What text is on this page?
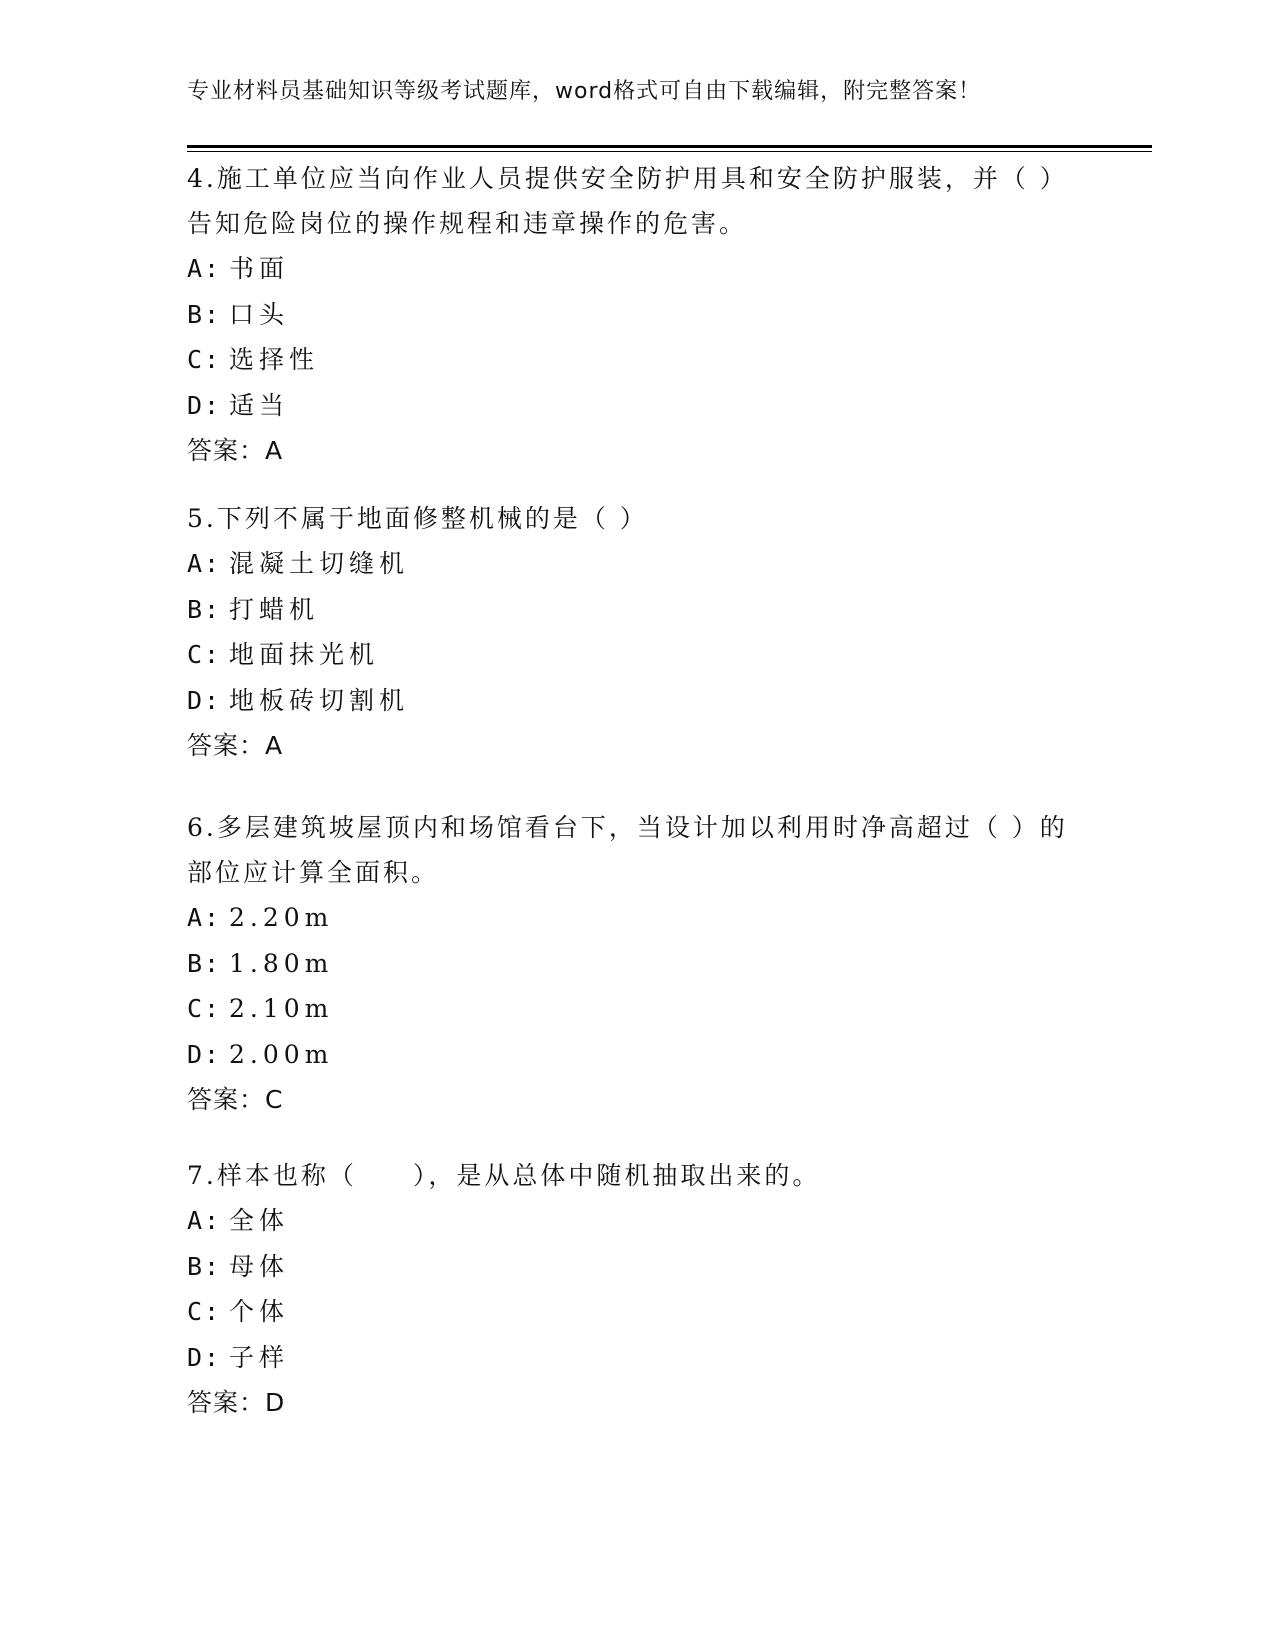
专业材料员基础知识等级考试题库，word格式可自由下载编辑，附完整答案！

4.施工单位应当向作业人员提供安全防护用具和安全防护服装，并（ ）告知危险岗位的操作规程和违章操作的危害。

A: 书面
B: 口头
C: 选择性
D: 适当
答案：A

5.下列不属于地面修整机械的是（ ）

A: 混凝土切缝机
B: 打蜡机
C: 地面抹光机
D: 地板砖切割机
答案：A

6.多层建筑坡屋顶内和场馆看台下，当设计加以利用时净高超过（ ）的部位应计算全面积。

A: 2.20m
B: 1.80m
C: 2.10m
D: 2.00m
答案：C

7.样本也称（　　），是从总体中随机抽取出来的。

A: 全体
B: 母体
C: 个体
D: 子样
答案：D
